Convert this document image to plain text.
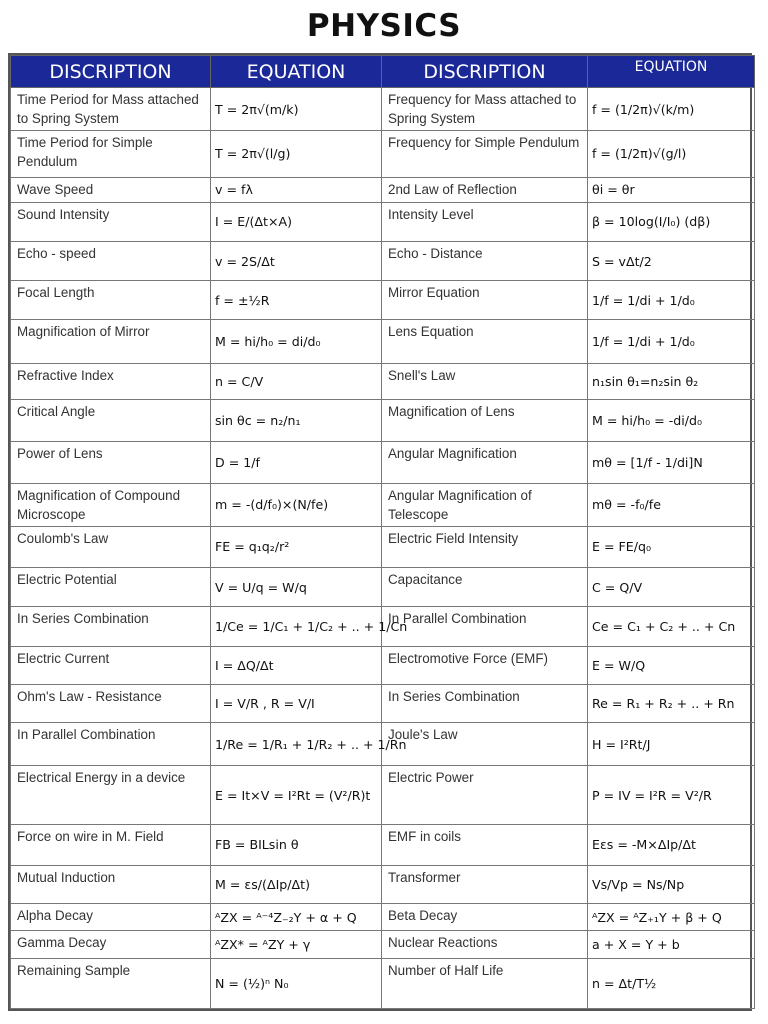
PHYSICS
DISCRIPTION	EQUATION	DISCRIPTION	EQUATION
Time Period for Mass attached to Spring System	T = 2π√(m/k)	Frequency for Mass attached to Spring System	f = (1/2π)√(k/m)
Time Period for Simple Pendulum	T = 2π√(l/g)	Frequency for Simple Pendulum	f = (1/2π)√(g/l)
Wave Speed	v = fλ	2nd Law of Reflection	θi = θr
Sound Intensity	I = E/(Δt×A)	Intensity Level	β = 10log(I/I₀) (dβ)
Echo - speed	v = 2S/Δt	Echo - Distance	S = vΔt/2
Focal Length	f = ±½R	Mirror Equation	1/f = 1/di + 1/d₀
Magnification of Mirror	M = hi/h₀ = di/d₀	Lens Equation	1/f = 1/di + 1/d₀
Refractive Index	n = C/V	Snell's Law	n₁sin θ₁=n₂sin θ₂
Critical Angle	sin θc = n₂/n₁	Magnification of Lens	M = hi/h₀ = -di/d₀
Power of Lens	D = 1/f	Angular Magnification	mθ = [1/f - 1/di]N
Magnification of Compound Microscope	m = -(d/f₀)×(N/fe)	Angular Magnification of Telescope	mθ = -f₀/fe
Coulomb's Law	FE = q₁q₂/r²	Electric Field Intensity	E = FE/q₀
Electric Potential	V = U/q = W/q	Capacitance	C = Q/V
In Series Combination	1/Ce = 1/C₁ + 1/C₂ + .. + 1/Cn	In Parallel Combination	Ce = C₁ + C₂ + .. + Cn
Electric Current	I = ΔQ/Δt	Electromotive Force (EMF)	E = W/Q
Ohm's Law - Resistance	I = V/R , R = V/I	In Series Combination	Re = R₁ + R₂ + .. + Rn
In Parallel Combination	1/Re = 1/R₁ + 1/R₂ + .. + 1/Rn	Joule's Law	H = I²Rt/J
Electrical Energy in a device	E = It×V = I²Rt = (V²/R)t	Electric Power	P = IV = I²R = V²/R
Force on wire in M. Field	FB = BILsin θ	EMF in coils	Eεs = -M×ΔIp/Δt
Mutual Induction	M = εs/(ΔIp/Δt)	Transformer	Vs/Vp = Ns/Np
Alpha Decay	ᴬ𝖹X = ᴬ⁻⁴𝖹₋₂Y + α + Q	Beta Decay	ᴬ𝖹X = ᴬ𝖹₊₁Y + β + Q
Gamma Decay	ᴬ𝖹X* = ᴬ𝖹Y + γ	Nuclear Reactions	a + X = Y + b
Remaining Sample	N = (½)ⁿ N₀	Number of Half Life	n = Δt/T½
